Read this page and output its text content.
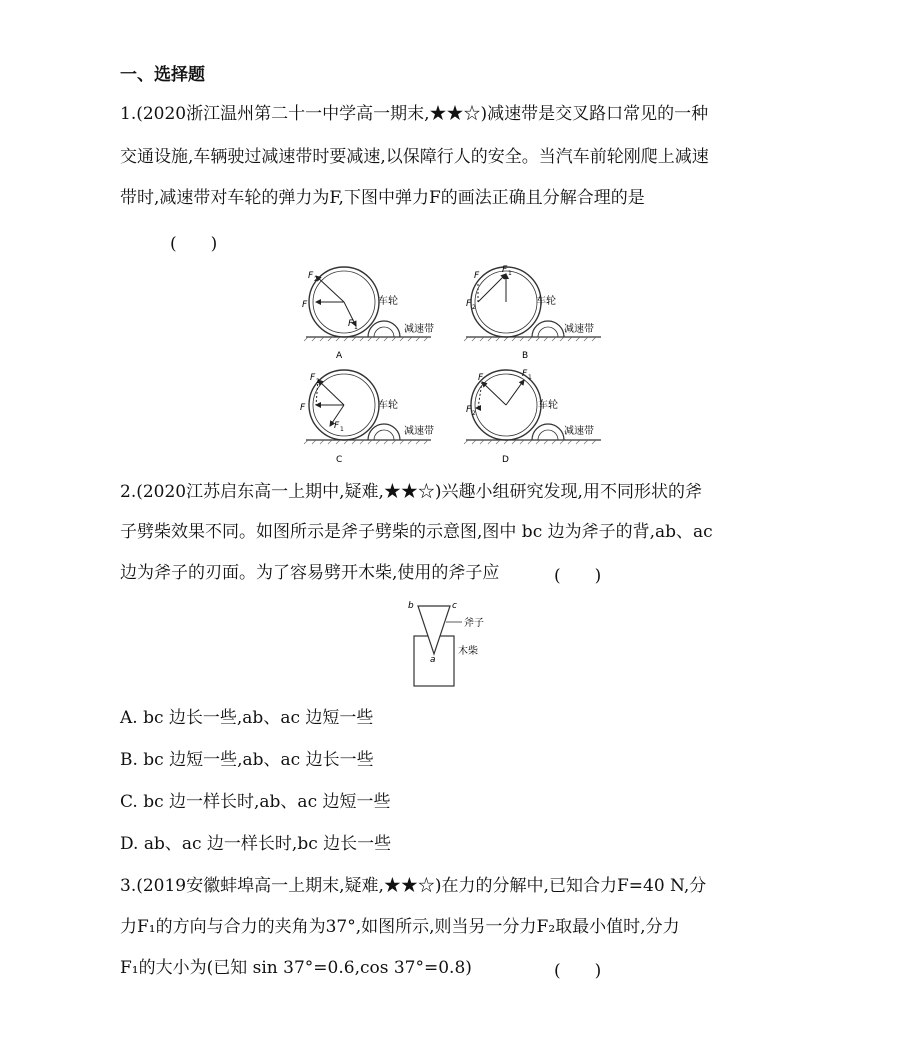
一、选择题
1.(2020浙江温州第二十一中学高一期末,★★☆)减速带是交叉路口常见的一种
交通设施,车辆驶过减速带时要减速,以保障行人的安全。当汽车前轮刚爬上减速
带时,减速带对车轮的弹力为F,下图中弹力F的画法正确且分解合理的是
(　　)
F 2
F
F 1
车轮
减速带
A
F
F 1
F 2
车轮
减速带
B
F 2
F
F 1
车轮
减速带
C
F	F 1
F 2
车轮
减速带
D
2.(2020江苏启东高一上期中,疑难,★★☆)兴趣小组研究发现,用不同形状的斧
子劈柴效果不同。如图所示是斧子劈柴的示意图,图中 bc 边为斧子的背,ab、ac
边为斧子的刃面。为了容易劈开木柴,使用的斧子应	(　　)
b	c
a
斧子
木柴
A. bc 边长一些,ab、ac 边短一些
B. bc 边短一些,ab、ac 边长一些
C. bc 边一样长时,ab、ac 边短一些
D. ab、ac 边一样长时,bc 边长一些
3.(2019安徽蚌埠高一上期末,疑难,★★☆)在力的分解中,已知合力F=40 N,分
力F₁的方向与合力的夹角为37°,如图所示,则当另一分力F₂取最小值时,分力
F₁的大小为(已知 sin 37°=0.6,cos 37°=0.8)	(　　)
